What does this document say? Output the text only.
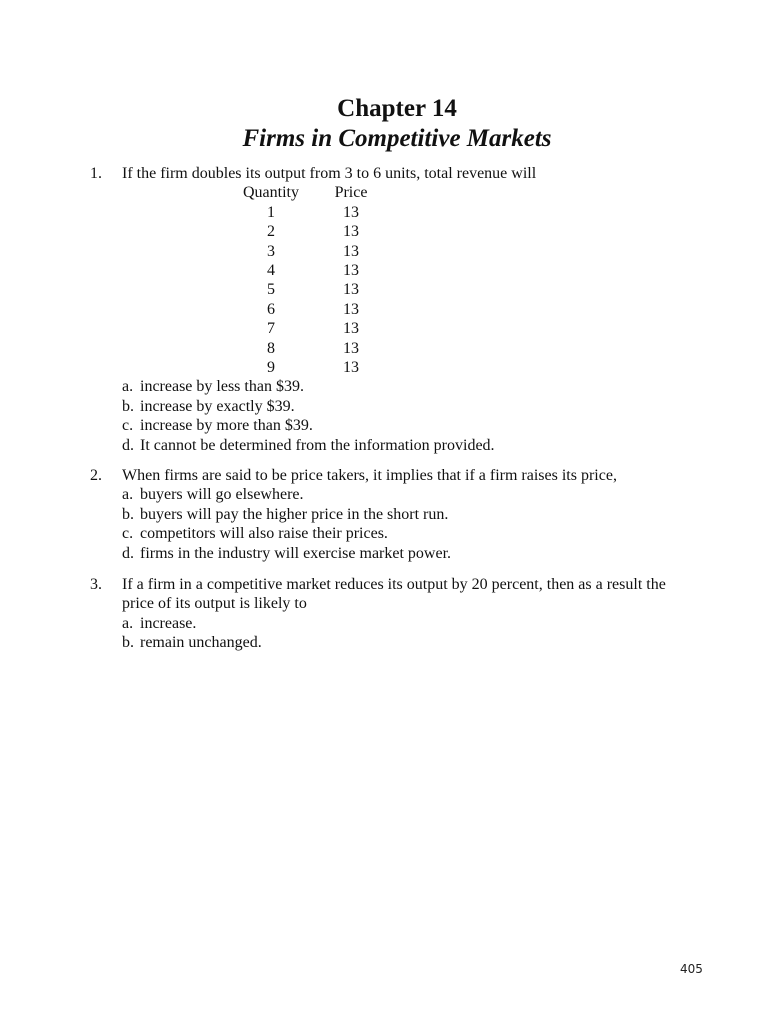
Chapter 14
Firms in Competitive Markets
1. If the firm doubles its output from 3 to 6 units, total revenue will
Quantity		Price
1		13
2		13
3		13
4		13
5		13
6		13
7		13
8		13
9		13
a. increase by less than $39.
b. increase by exactly $39.
c. increase by more than $39.
d. It cannot be determined from the information provided.
2. When firms are said to be price takers, it implies that if a firm raises its price,
a. buyers will go elsewhere.
b. buyers will pay the higher price in the short run.
c. competitors will also raise their prices.
d. firms in the industry will exercise market power.
3. If a firm in a competitive market reduces its output by 20 percent, then as a result the price of its output is likely to
a. increase.
b. remain unchanged.
405
